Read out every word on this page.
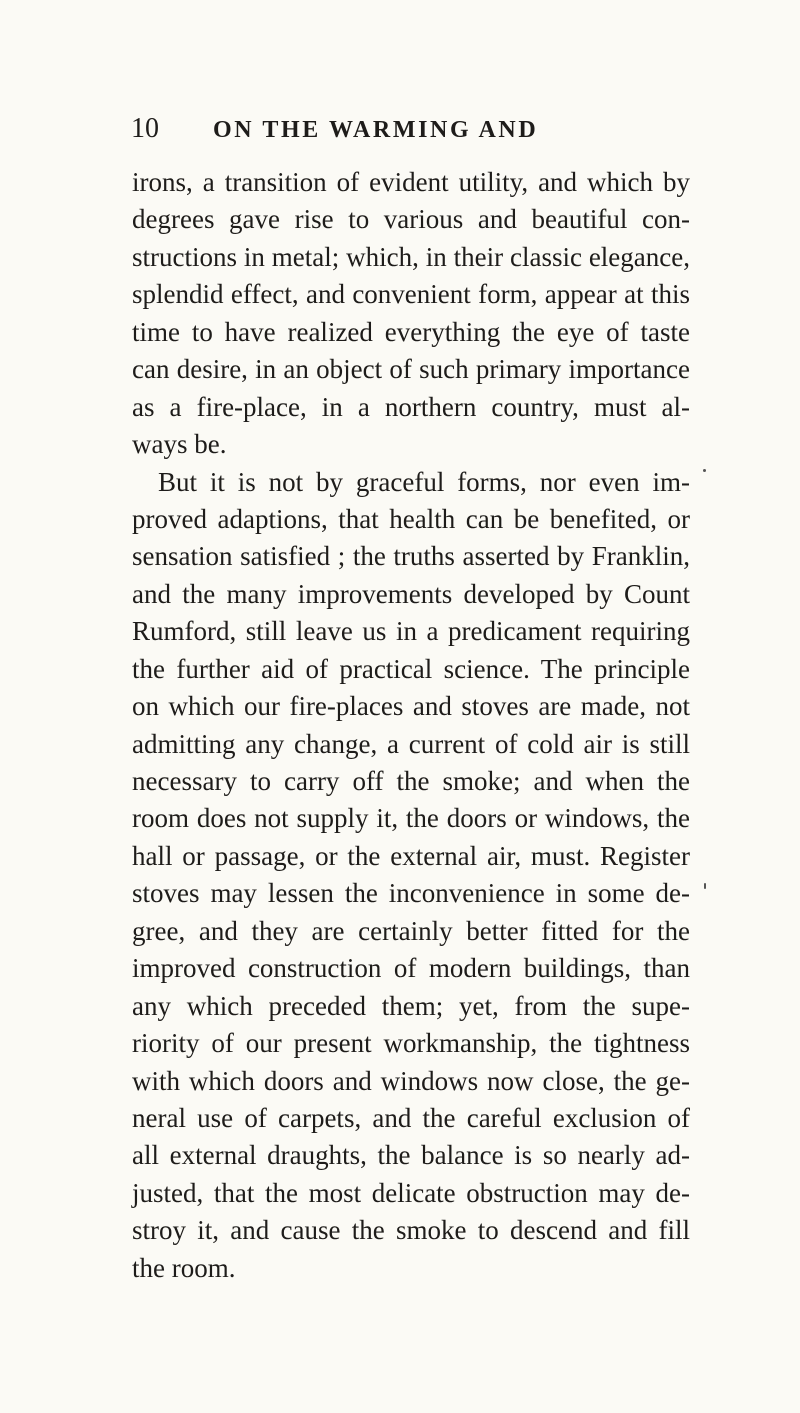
10 ON THE WARMING AND
irons, a transition of evident utility, and which by
degrees gave rise to various and beautiful con-
structions in metal; which, in their classic elegance,
splendid effect, and convenient form, appear at this
time to have realized everything the eye of taste
can desire, in an object of such primary importance
as a fire-place, in a northern country, must al-
ways be.
But it is not by graceful forms, nor even im-
proved adaptions, that health can be benefited, or
sensation satisfied ; the truths asserted by Franklin,
and the many improvements developed by Count
Rumford, still leave us in a predicament requiring
the further aid of practical science. The principle
on which our fire-places and stoves are made, not
admitting any change, a current of cold air is still
necessary to carry off the smoke; and when the
room does not supply it, the doors or windows, the
hall or passage, or the external air, must. Register
stoves may lessen the inconvenience in some de-
gree, and they are certainly better fitted for the
improved construction of modern buildings, than
any which preceded them; yet, from the supe-
riority of our present workmanship, the tightness
with which doors and windows now close, the ge-
neral use of carpets, and the careful exclusion of
all external draughts, the balance is so nearly ad-
justed, that the most delicate obstruction may de-
stroy it, and cause the smoke to descend and fill
the room.
